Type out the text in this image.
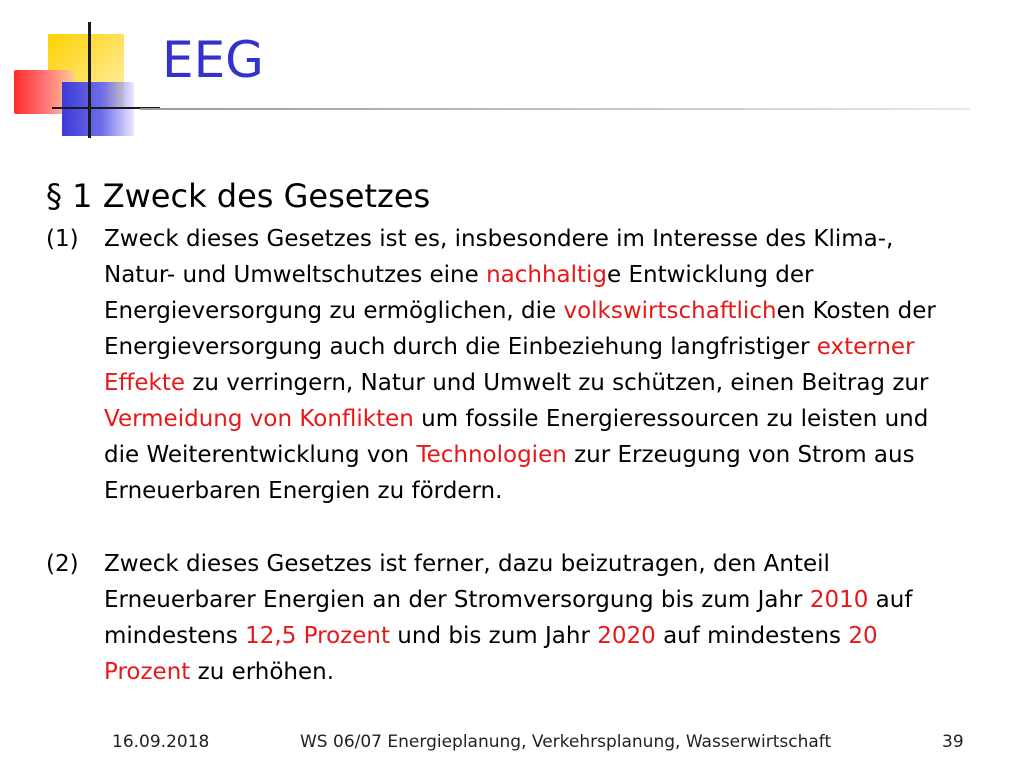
EEG
§ 1 Zweck des Gesetzes
(1) Zweck dieses Gesetzes ist es, insbesondere im Interesse des Klima-,
Natur- und Umweltschutzes eine nachhaltige Entwicklung der
Energieversorgung zu ermöglichen, die volkswirtschaftlichen Kosten der
Energieversorgung auch durch die Einbeziehung langfristiger externer
Effekte zu verringern, Natur und Umwelt zu schützen, einen Beitrag zur
Vermeidung von Konflikten um fossile Energieressourcen zu leisten und
die Weiterentwicklung von Technologien zur Erzeugung von Strom aus
Erneuerbaren Energien zu fördern.
(2) Zweck dieses Gesetzes ist ferner, dazu beizutragen, den Anteil
Erneuerbarer Energien an der Stromversorgung bis zum Jahr 2010 auf
mindestens 12,5 Prozent und bis zum Jahr 2020 auf mindestens 20
Prozent zu erhöhen.
16.09.2018	WS 06/07 Energieplanung, Verkehrsplanung, Wasserwirtschaft	39
